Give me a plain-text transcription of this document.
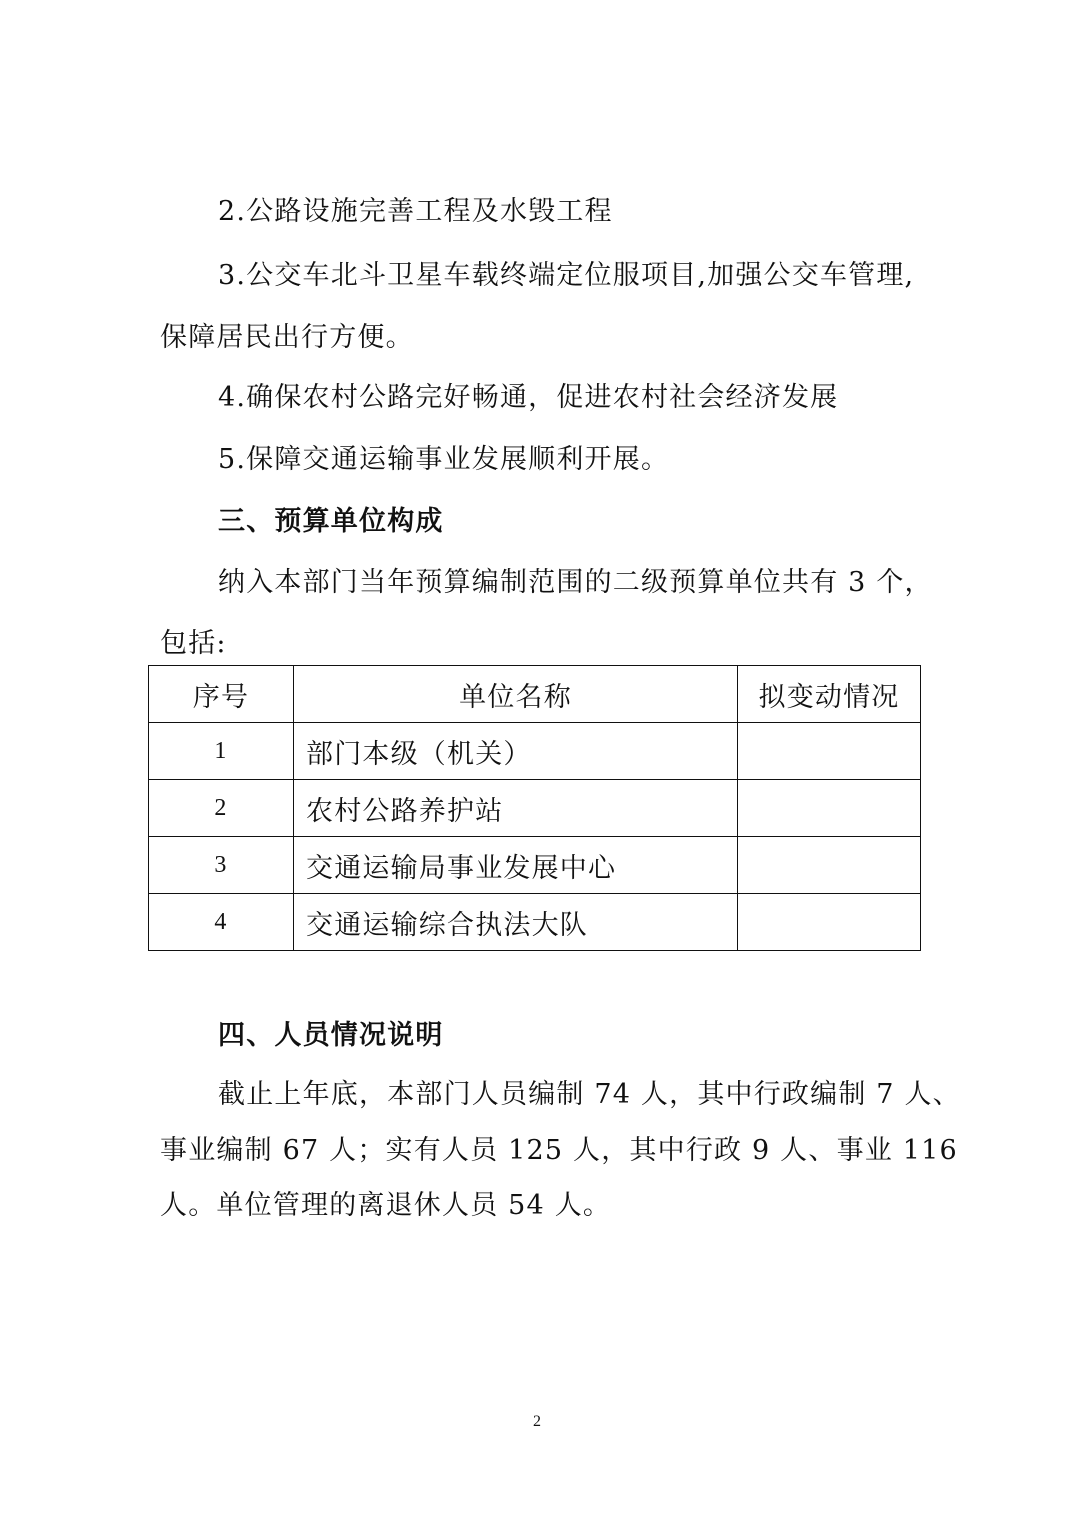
2.公路设施完善工程及水毁工程

3.公交车北斗卫星车载终端定位服项目,加强公交车管理,

保障居民出行方便。

4.确保农村公路完好畅通，促进农村社会经济发展

5.保障交通运输事业发展顺利开展。

三、预算单位构成

纳入本部门当年预算编制范围的二级预算单位共有 3 个，

包括:

序号	单位名称	拟变动情况
1	部门本级（机关）	
2	农村公路养护站	
3	交通运输局事业发展中心	
4	交通运输综合执法大队	

四、人员情况说明

截止上年底，本部门人员编制 74 人，其中行政编制 7 人、

事业编制 67 人；实有人员 125 人，其中行政 9 人、事业 116

人。单位管理的离退休人员 54 人。

2
